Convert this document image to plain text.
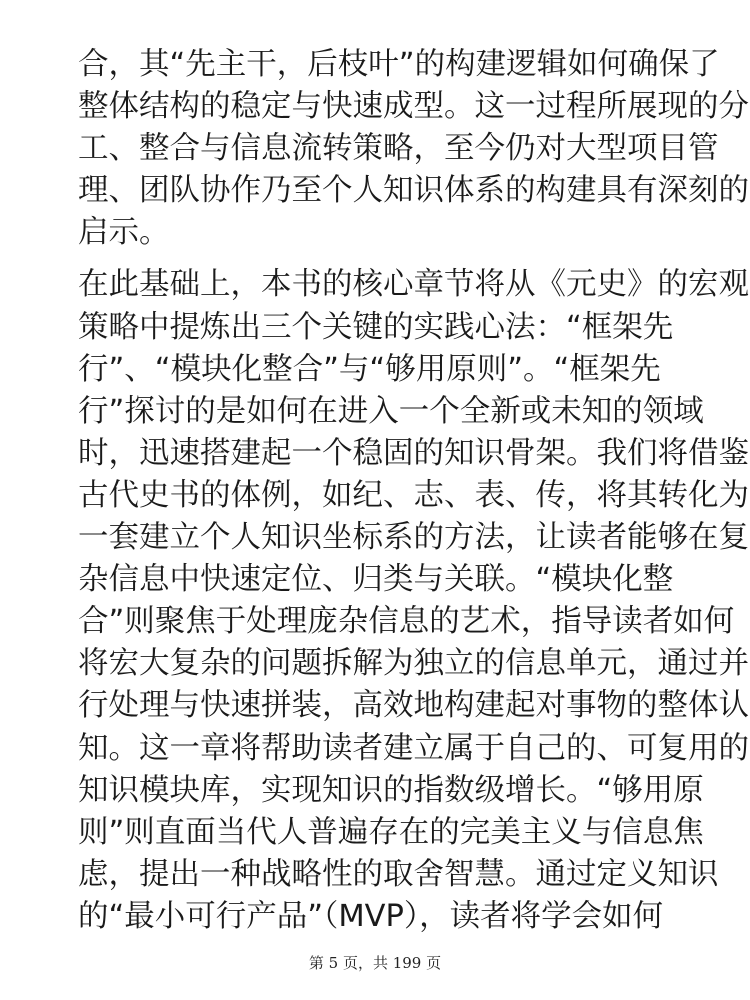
合，其“先主干，后枝叶”的构建逻辑如何确保了
整体结构的稳定与快速成型。这一过程所展现的分
工、整合与信息流转策略，至今仍对大型项目管
理、团队协作乃至个人知识体系的构建具有深刻的
启示。

在此基础上，本书的核心章节将从《元史》的宏观
策略中提炼出三个关键的实践心法：“框架先
行”、“模块化整合”与“够用原则”。“框架先
行”探讨的是如何在进入一个全新或未知的领域
时，迅速搭建起一个稳固的知识骨架。我们将借鉴
古代史书的体例，如纪、志、表、传，将其转化为
一套建立个人知识坐标系的方法，让读者能够在复
杂信息中快速定位、归类与关联。“模块化整
合”则聚焦于处理庞杂信息的艺术，指导读者如何
将宏大复杂的问题拆解为独立的信息单元，通过并
行处理与快速拼装，高效地构建起对事物的整体认
知。这一章将帮助读者建立属于自己的、可复用的
知识模块库，实现知识的指数级增长。“够用原
则”则直面当代人普遍存在的完美主义与信息焦
虑，提出一种战略性的取舍智慧。通过定义知识
的“最小可行产品”（MVP），读者将学会如何

第 5 页，共 199 页
